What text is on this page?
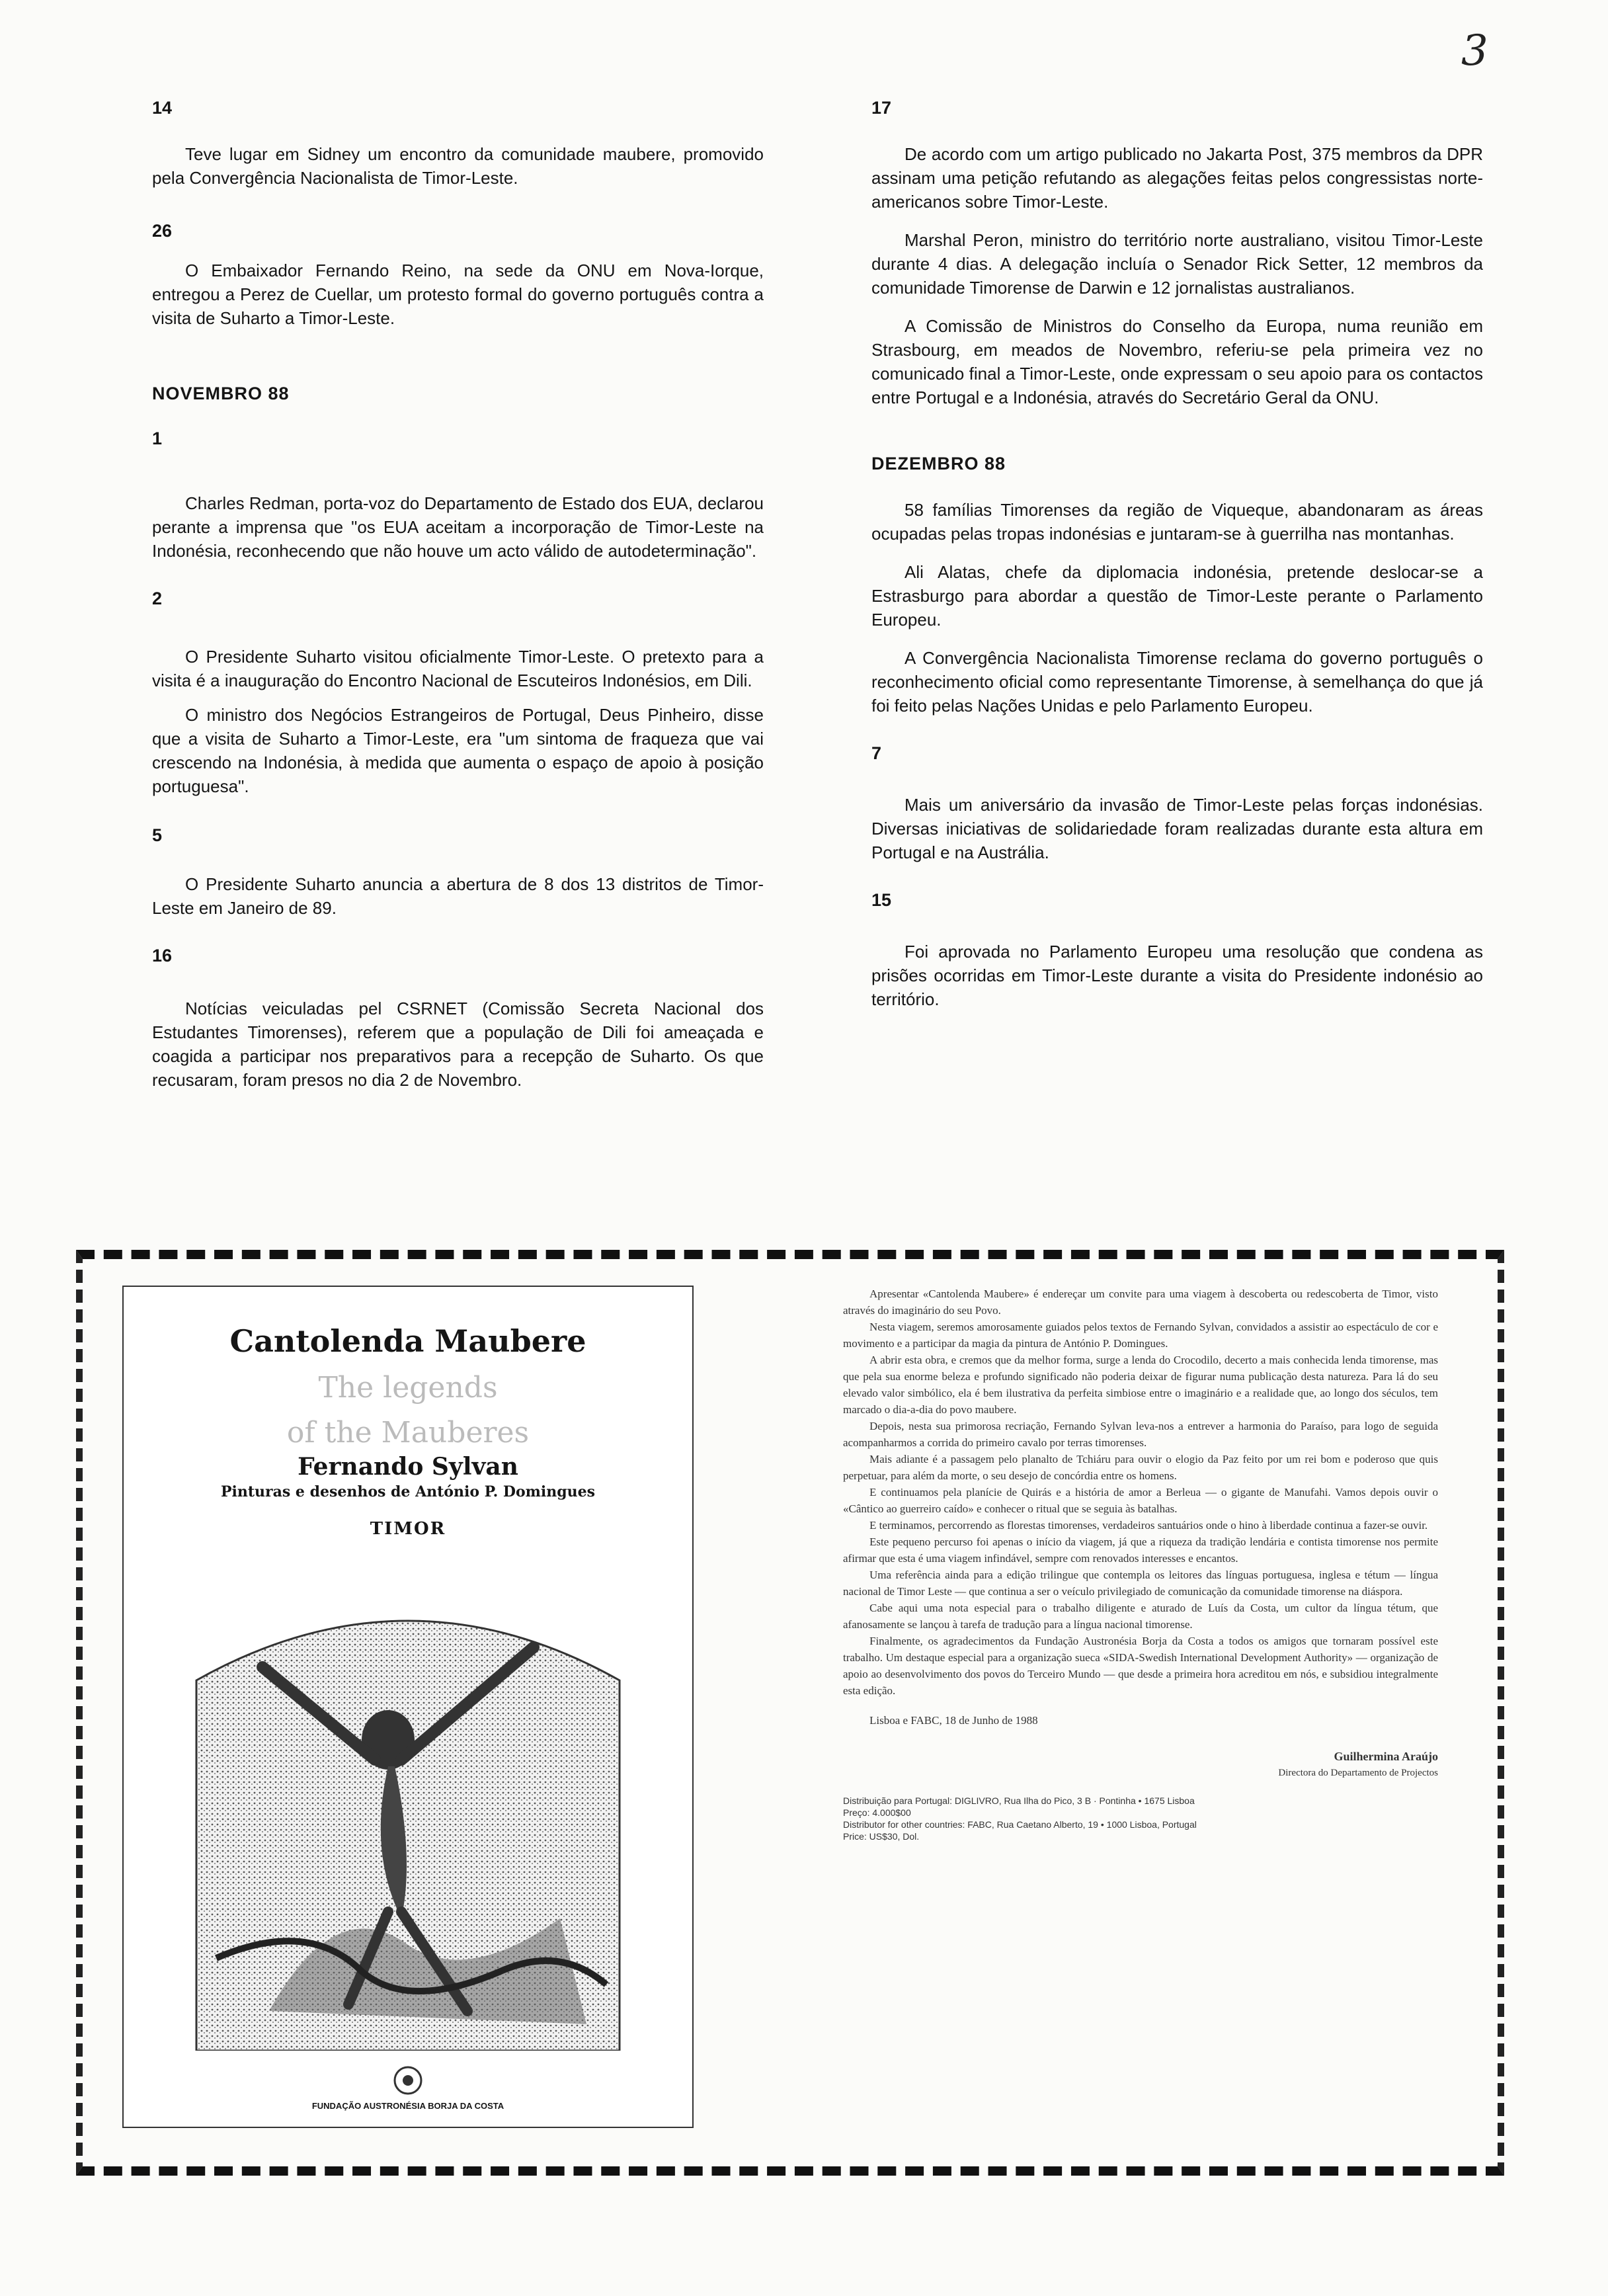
3
14

Teve lugar em Sidney um encontro da comunidade maubere, promovido pela Convergência Nacionalista de Timor-Leste.

26

O Embaixador Fernando Reino, na sede da ONU em Nova-Iorque, entregou a Perez de Cuellar, um protesto formal do governo português contra a visita de Suharto a Timor-Leste.

NOVEMBRO 88
1

Charles Redman, porta-voz do Departamento de Estado dos EUA, declarou perante a imprensa que "os EUA aceitam a incorporação de Timor-Leste na Indonésia, reconhecendo que não houve um acto válido de autodeterminação".

2

O Presidente Suharto visitou oficialmente Timor-Leste. O pretexto para a visita é a inauguração do Encontro Nacional de Escuteiros Indonésios, em Dili.

O ministro dos Negócios Estrangeiros de Portugal, Deus Pinheiro, disse que a visita de Suharto a Timor-Leste, era "um sintoma de fraqueza que vai crescendo na Indonésia, à medida que aumenta o espaço de apoio à posição portuguesa".

5

O Presidente Suharto anuncia a abertura de 8 dos 13 distritos de Timor-Leste em Janeiro de 89.

16

Notícias veiculadas pel CSRNET (Comissão Secreta Nacional dos Estudantes Timorenses), referem que a população de Dili foi ameaçada e coagida a participar nos preparativos para a recepção de Suharto. Os que recusaram, foram presos no dia 2 de Novembro.

17

De acordo com um artigo publicado no Jakarta Post, 375 membros da DPR assinam uma petição refutando as alegações feitas pelos congressistas norte-americanos sobre Timor-Leste.

Marshal Peron, ministro do território norte australiano, visitou Timor-Leste durante 4 dias. A delegação incluía o Senador Rick Setter, 12 membros da comunidade Timorense de Darwin e 12 jornalistas australianos.

A Comissão de Ministros do Conselho da Europa, numa reunião em Strasbourg, em meados de Novembro, referiu-se pela primeira vez no comunicado final a Timor-Leste, onde expressam o seu apoio para os contactos entre Portugal e a Indonésia, através do Secretário Geral da ONU.

DEZEMBRO 88

58 famílias Timorenses da região de Viqueque, abandonaram as áreas ocupadas pelas tropas indonésias e juntaram-se à guerrilha nas montanhas.

Ali Alatas, chefe da diplomacia indonésia, pretende deslocar-se a Estrasburgo para abordar a questão de Timor-Leste perante o Parlamento Europeu.

A Convergência Nacionalista Timorense reclama do governo português o reconhecimento oficial como representante Timorense, à semelhança do que já foi feito pelas Nações Unidas e pelo Parlamento Europeu.

7

Mais um aniversário da invasão de Timor-Leste pelas forças indonésias. Diversas iniciativas de solidariedade foram realizadas durante esta altura em Portugal e na Austrália.

15

Foi aprovada no Parlamento Europeu uma resolução que condena as prisões ocorridas em Timor-Leste durante a visita do Presidente indonésio ao território.

Cantolenda Maubere
The legends
of the Mauberes
Fernando Sylvan
Pinturas e desenhos de António P. Domingues
TIMOR
FUNDAÇÃO AUSTRONÉSIA BORJA DA COSTA

Apresentar «Cantolenda Maubere» é endereçar um convite para uma viagem à descoberta ou redescoberta de Timor, visto através do imaginário do seu Povo.

Nesta viagem, seremos amorosamente guiados pelos textos de Fernando Sylvan, convidados a assistir ao espectáculo de cor e movimento e a participar da magia da pintura de António P. Domingues.

A abrir esta obra, e cremos que da melhor forma, surge a lenda do Crocodilo, decerto a mais conhecida lenda timorense, mas que pela sua enorme beleza e profundo significado não poderia deixar de figurar numa publicação desta natureza. Para lá do seu elevado valor simbólico, ela é bem ilustrativa da perfeita simbiose entre o imaginário e a realidade que, ao longo dos séculos, tem marcado o dia-a-dia do povo maubere.

Depois, nesta sua primorosa recriação, Fernando Sylvan leva-nos a entrever a harmonia do Paraíso, para logo de seguida acompanharmos a corrida do primeiro cavalo por terras timorenses.

Mais adiante é a passagem pelo planalto de Tchiáru para ouvir o elogio da Paz feito por um rei bom e poderoso que quis perpetuar, para além da morte, o seu desejo de concórdia entre os homens.

E continuamos pela planície de Quirás e a história de amor a Berleua — o gigante de Manufahi. Vamos depois ouvir o «Cântico ao guerreiro caído» e conhecer o ritual que se seguia às batalhas.

E terminamos, percorrendo as florestas timorenses, verdadeiros santuários onde o hino à liberdade continua a fazer-se ouvir.

Este pequeno percurso foi apenas o início da viagem, já que a riqueza da tradição lendária e contista timorense nos permite afirmar que esta é uma viagem infindável, sempre com renovados interesses e encantos.

Uma referência ainda para a edição trilingue que contempla os leitores das línguas portuguesa, inglesa e tétum — língua nacional de Timor Leste — que continua a ser o veículo privilegiado de comunicação da comunidade timorense na diáspora.

Cabe aqui uma nota especial para o trabalho diligente e aturado de Luís da Costa, um cultor da língua tétum, que afanosamente se lançou à tarefa de tradução para a língua nacional timorense.

Finalmente, os agradecimentos da Fundação Austronésia Borja da Costa a todos os amigos que tornaram possível este trabalho. Um destaque especial para a organização sueca «SIDA-Swedish International Development Authority» — organização de apoio ao desenvolvimento dos povos do Terceiro Mundo — que desde a primeira hora acreditou em nós, e subsidiou integralmente esta edição.

Lisboa e FABC, 18 de Junho de 1988

Guilhermina Araújo
Directora do Departamento de Projectos
Distribuição para Portugal: DIGLIVRO, Rua Ilha do Pico, 3 B · Pontinha • 1675 Lisboa
Preço: 4.000$00
Distributor for other countries: FABC, Rua Caetano Alberto, 19 • 1000 Lisboa, Portugal
Price: US$30, Dol.
